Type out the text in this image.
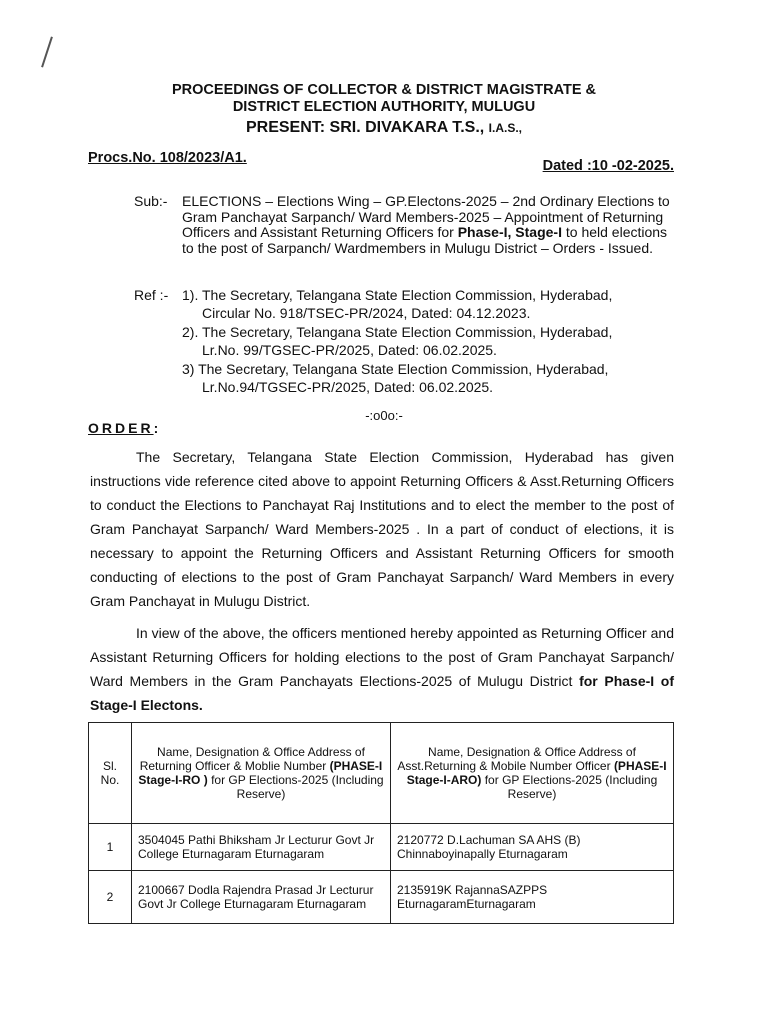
PROCEEDINGS OF COLLECTOR & DISTRICT MAGISTRATE &
DISTRICT ELECTION AUTHORITY, MULUGU
PRESENT: SRI. DIVAKARA T.S., I.A.S.,
Procs.No. 108/2023/A1.	Dated :10 -02-2025.
Sub:- ELECTIONS – Elections Wing – GP.Electons-2025 – 2nd Ordinary Elections to Gram Panchayat Sarpanch/ Ward Members-2025 – Appointment of Returning Officers and Assistant Returning Officers for Phase-I, Stage-I to held elections to the post of Sarpanch/ Wardmembers in Mulugu District – Orders - Issued.
Ref :- 1). The Secretary, Telangana State Election Commission, Hyderabad,
Circular No. 918/TSEC-PR/2024, Dated: 04.12.2023.
2). The Secretary, Telangana State Election Commission, Hyderabad,
Lr.No. 99/TGSEC-PR/2025, Dated: 06.02.2025.
3) The Secretary, Telangana State Election Commission, Hyderabad,
Lr.No.94/TGSEC-PR/2025, Dated: 06.02.2025.
-:o0o:-
ORDER:
The Secretary, Telangana State Election Commission, Hyderabad has given instructions vide reference cited above to appoint Returning Officers & Asst.Returning Officers to conduct the Elections to Panchayat Raj Institutions and to elect the member to the post of Gram Panchayat Sarpanch/ Ward Members-2025 . In a part of conduct of elections, it is necessary to appoint the Returning Officers and Assistant Returning Officers for smooth conducting of elections to the post of Gram Panchayat Sarpanch/ Ward Members in every Gram Panchayat in Mulugu District.
In view of the above, the officers mentioned hereby appointed as Returning Officer and Assistant Returning Officers for holding elections to the post of Gram Panchayat Sarpanch/ Ward Members in the Gram Panchayats Elections-2025 of Mulugu District for Phase-I of Stage-I Electons.
Sl.
No.	Name, Designation & Office Address of Returning Officer & Moblie Number (PHASE-I Stage-I-RO ) for GP Elections-2025 (Including Reserve)	Name, Designation & Office Address of Asst.Returning & Mobile Number Officer (PHASE-I Stage-I-ARO) for GP Elections-2025 (Including Reserve)
1	3504045 Pathi Bhiksham Jr Lecturur Govt Jr College Eturnagaram Eturnagaram	2120772 D.Lachuman SA AHS (B) Chinnaboyinapally Eturnagaram
2	2100667 Dodla Rajendra Prasad Jr Lecturur Govt Jr College Eturnagaram Eturnagaram	2135919K RajannaSAZPPS EturnagaramEturnagaram
